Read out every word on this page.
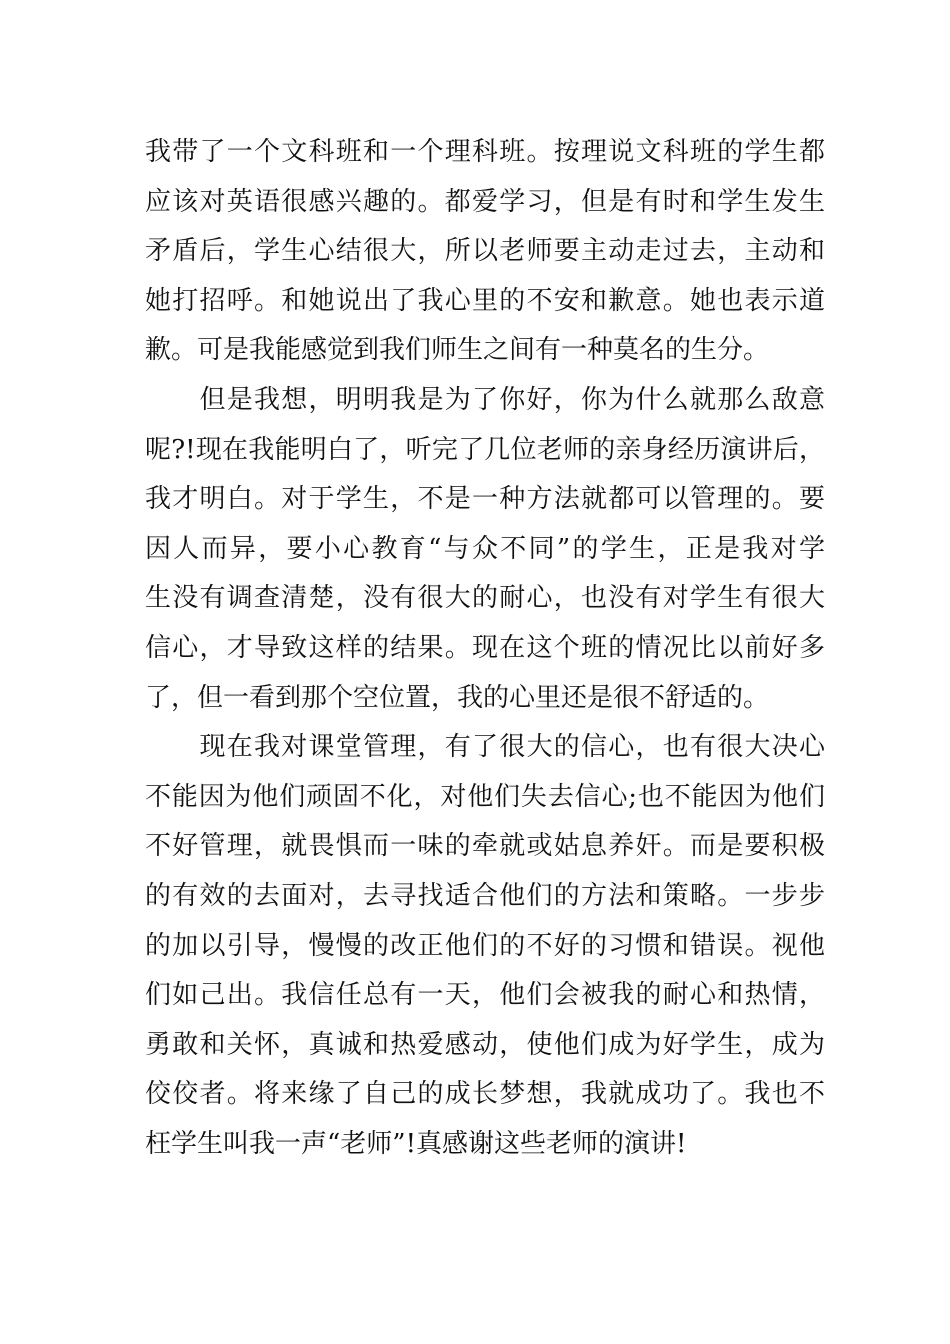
我带了一个文科班和一个理科班。按理说文科班的学生都
应该对英语很感兴趣的。都爱学习，但是有时和学生发生
矛盾后，学生心结很大，所以老师要主动走过去，主动和
她打招呼。和她说出了我心里的不安和歉意。她也表示道
歉。可是我能感觉到我们师生之间有一种莫名的生分。
　　但是我想，明明我是为了你好，你为什么就那么敌意
呢?!现在我能明白了，听完了几位老师的亲身经历演讲后，
我才明白。对于学生，不是一种方法就都可以管理的。要
因人而异，要小心教育“与众不同”的学生，正是我对学
生没有调查清楚，没有很大的耐心，也没有对学生有很大
信心，才导致这样的结果。现在这个班的情况比以前好多
了，但一看到那个空位置，我的心里还是很不舒适的。
　　现在我对课堂管理，有了很大的信心，也有很大决心
不能因为他们顽固不化，对他们失去信心;也不能因为他们
不好管理，就畏惧而一味的牵就或姑息养奸。而是要积极
的有效的去面对，去寻找适合他们的方法和策略。一步步
的加以引导，慢慢的改正他们的不好的习惯和错误。视他
们如己出。我信任总有一天，他们会被我的耐心和热情，
勇敢和关怀，真诚和热爱感动，使他们成为好学生，成为
佼佼者。将来缘了自己的成长梦想，我就成功了。我也不
枉学生叫我一声“老师”!真感谢这些老师的演讲!
